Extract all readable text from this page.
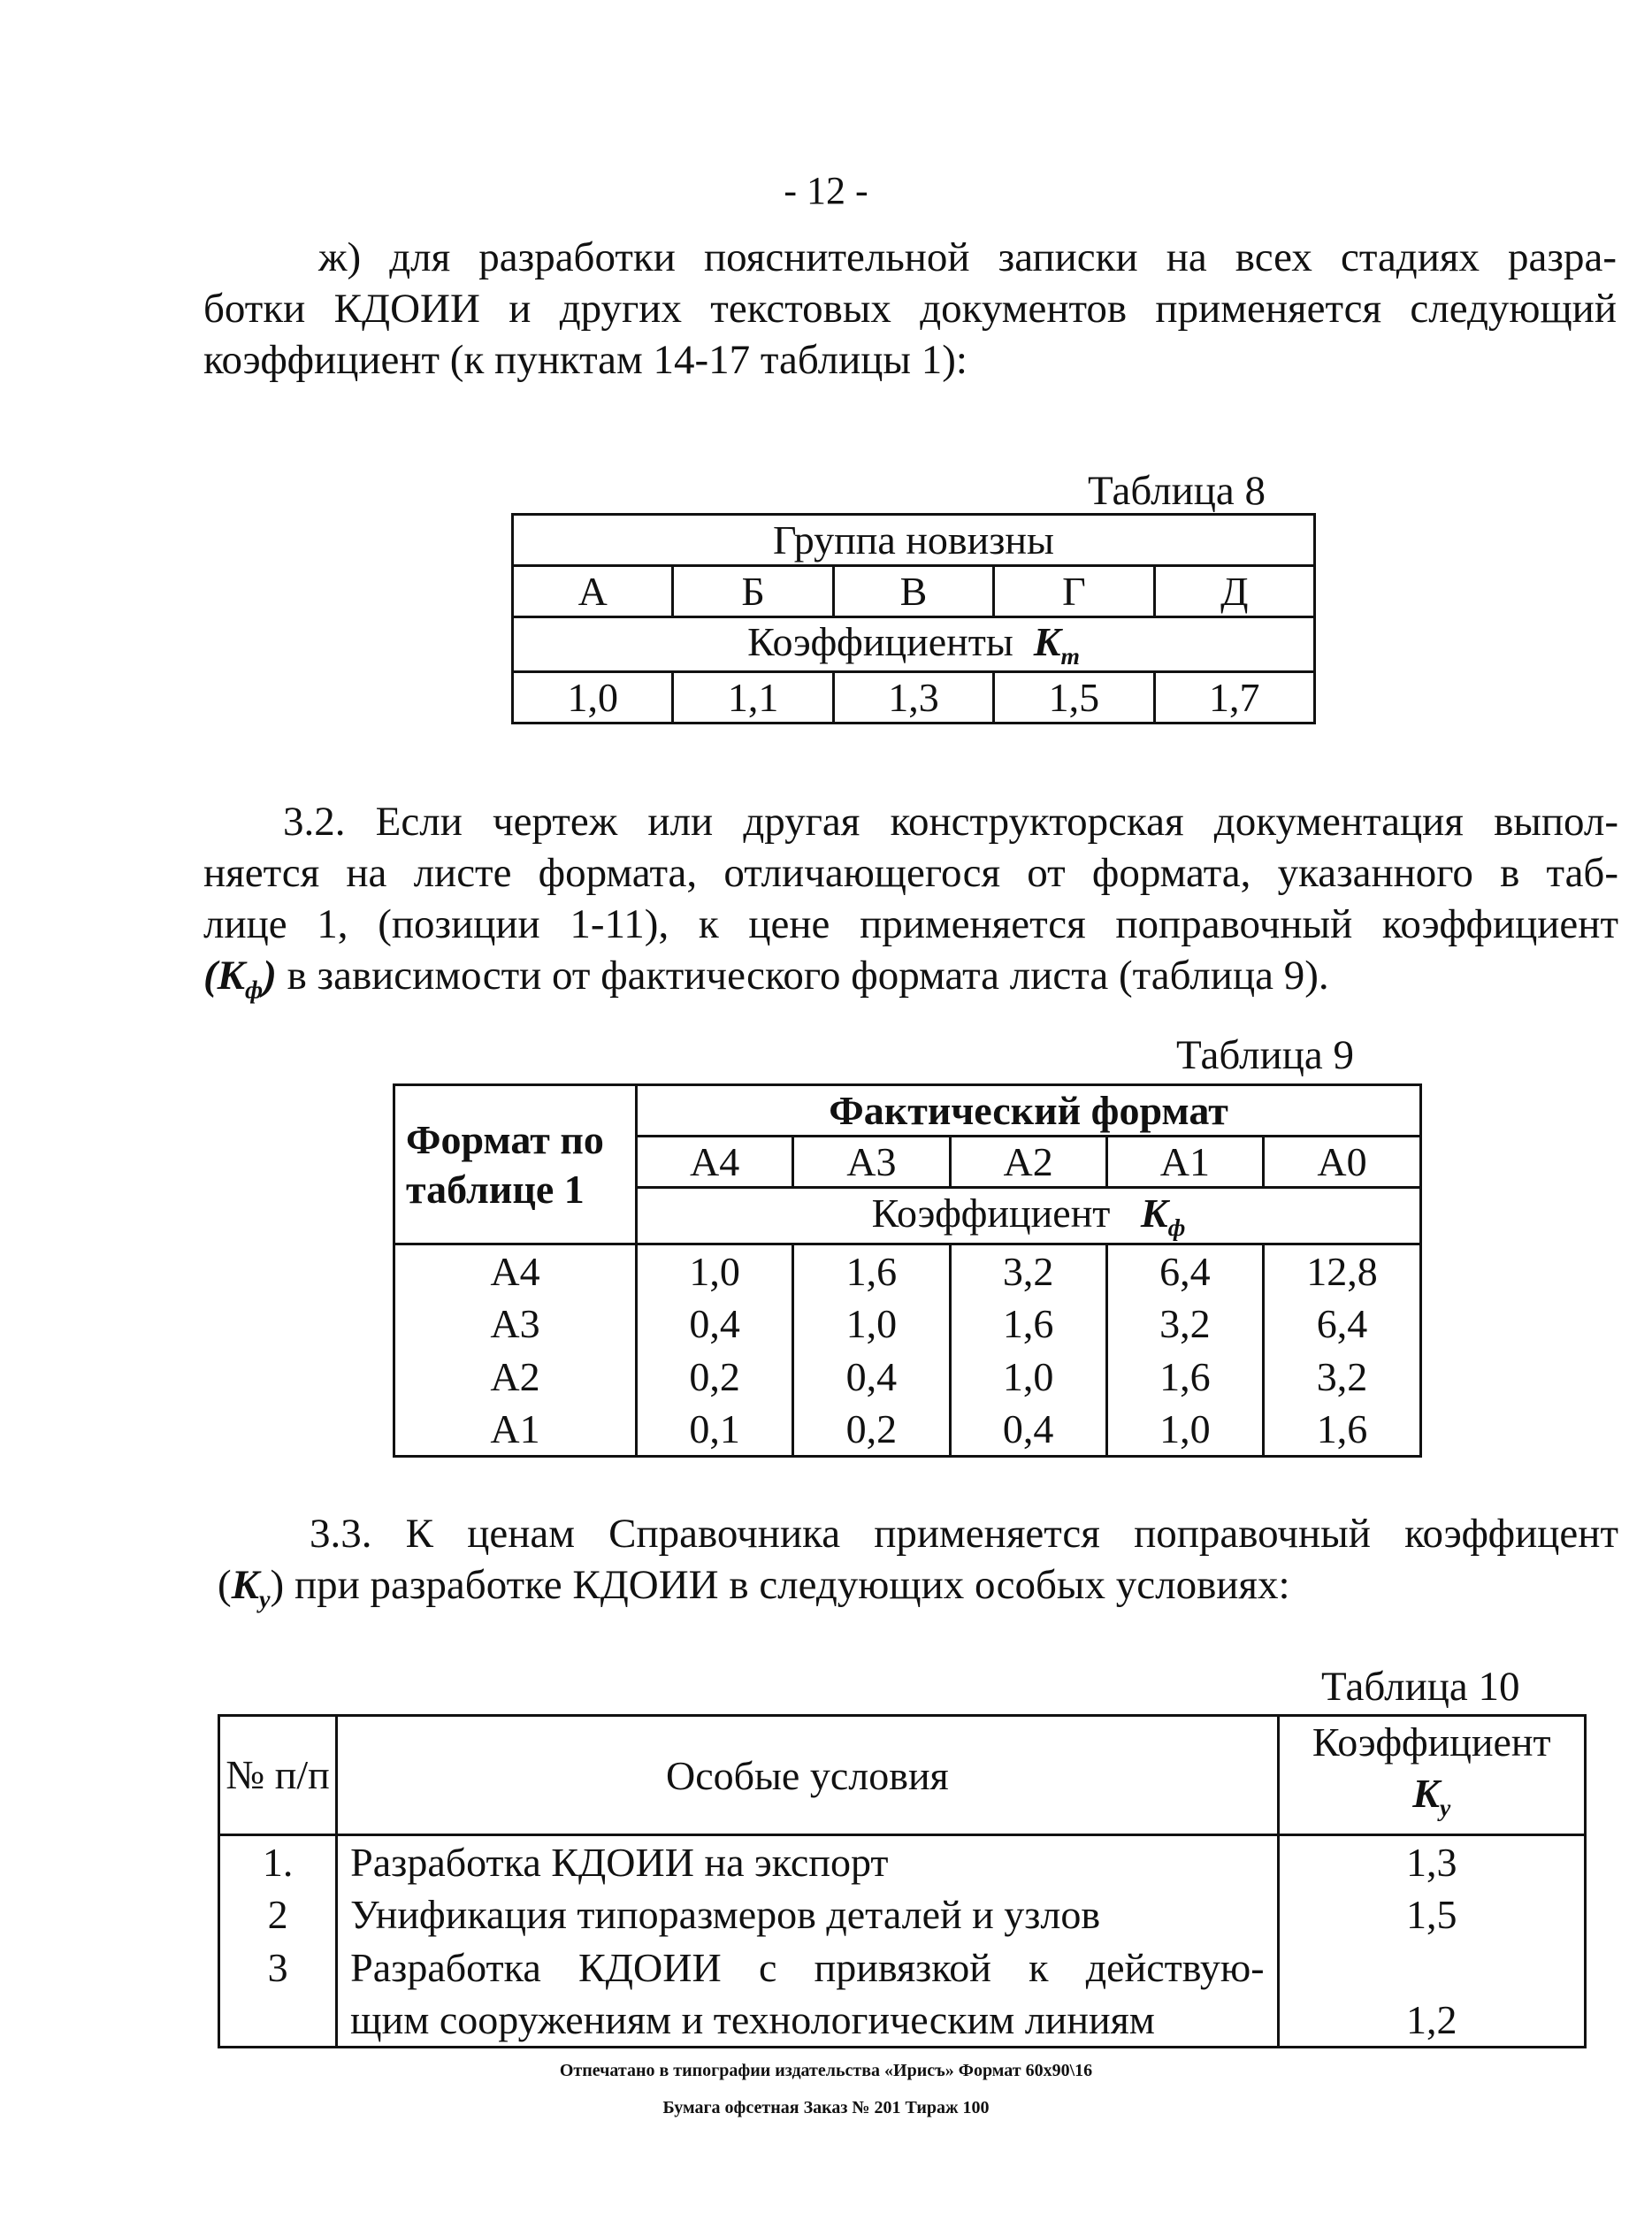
- 12 -
ж) для разработки пояснительной записки на всех стадиях разра-
ботки КДОИИ и других текстовых документов применяется следующий
коэффициент (к пунктам 14-17 таблицы 1):
Таблица 8
Группа новизны				
А	Б	В	Г	Д
Коэффициенты $K_m$
1,0	1,1	1,3	1,5	1,7
3.2. Если чертеж или другая конструкторская документация выпол-
няется на листе формата, отличающегося от формата, указанного в таб-
лице 1, (позиции 1-11), к цене применяется поправочный коэффициент
$(K_ф)$ в зависимости от фактического формата листа (таблица 9).
Таблица 9
Формат по таблице 1	Фактический формат				
	А4	А3	А2	А1	А0
	Коэффициент $K_ф$
А4	1,0	1,6	3,2	6,4	12,8
А3	0,4	1,0	1,6	3,2	6,4
А2	0,2	0,4	1,0	1,6	3,2
А1	0,1	0,2	0,4	1,0	1,6
3.3. К ценам Справочника применяется поправочный коэффицент
$(K_у)$ при разработке КДОИИ в следующих особых условиях:
Таблица 10
№ п/п	Особые условия	Коэффициент
$K_у$

1.	Разработка КДОИИ на экспорт	1,3
2	Унификация типоразмеров деталей и узлов	1,5
3	Разработка КДОИИ с привязкой к действую-	
	щим сооружениям и технологическим линиям	1,2
Отпечатано в типографии издательства «Ирисъ» Формат 60х90\16
Бумага офсетная Заказ № 201 Тираж 100
